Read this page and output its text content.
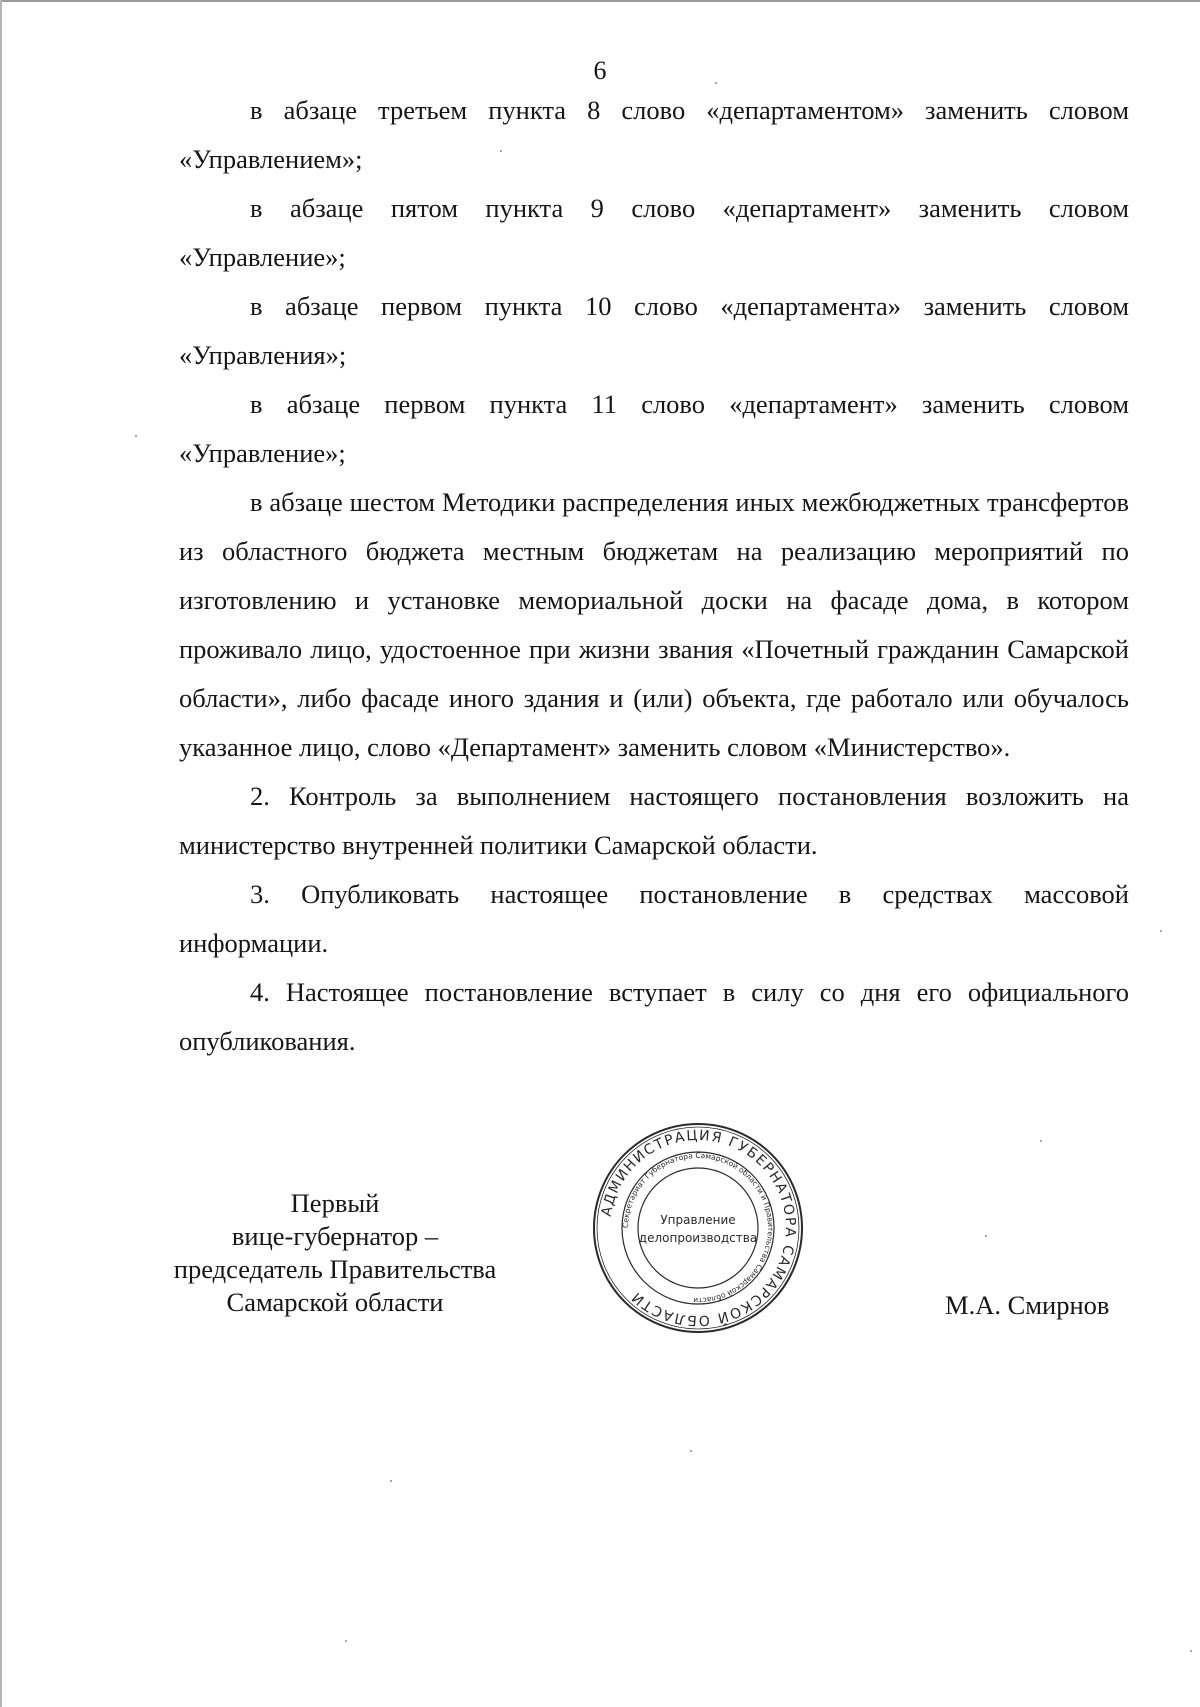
6

в абзаце третьем пункта 8 слово «департаментом» заменить словом «Управлением»;

в абзаце пятом пункта 9 слово «департамент» заменить словом «Управление»;

в абзаце первом пункта 10 слово «департамента» заменить словом «Управления»;

в абзаце первом пункта 11 слово «департамент» заменить словом «Управление»;

в абзаце шестом Методики распределения иных межбюджетных трансфертов из областного бюджета местным бюджетам на реализацию мероприятий по изготовлению и установке мемориальной доски на фасаде дома, в котором проживало лицо, удостоенное при жизни звания «Почетный гражданин Самарской области», либо фасаде иного здания и (или) объекта, где работало или обучалось указанное лицо, слово «Департамент» заменить словом «Министерство».

2. Контроль за выполнением настоящего постановления возложить на министерство внутренней политики Самарской области.

3. Опубликовать настоящее постановление в средствах массовой информации.

4. Настоящее постановление вступает в силу со дня его официального опубликования.

Первый
вице-губернатор –
председатель Правительства
Самарской области	М.А. Смирнов
АДМИНИСТРАЦИЯ ГУБЕРНАТОРА САМАРСКОЙ ОБЛАСТИ
Секретариат Губернатора Самарской области и Правительства Самарской области
Управление
делопроизводства
